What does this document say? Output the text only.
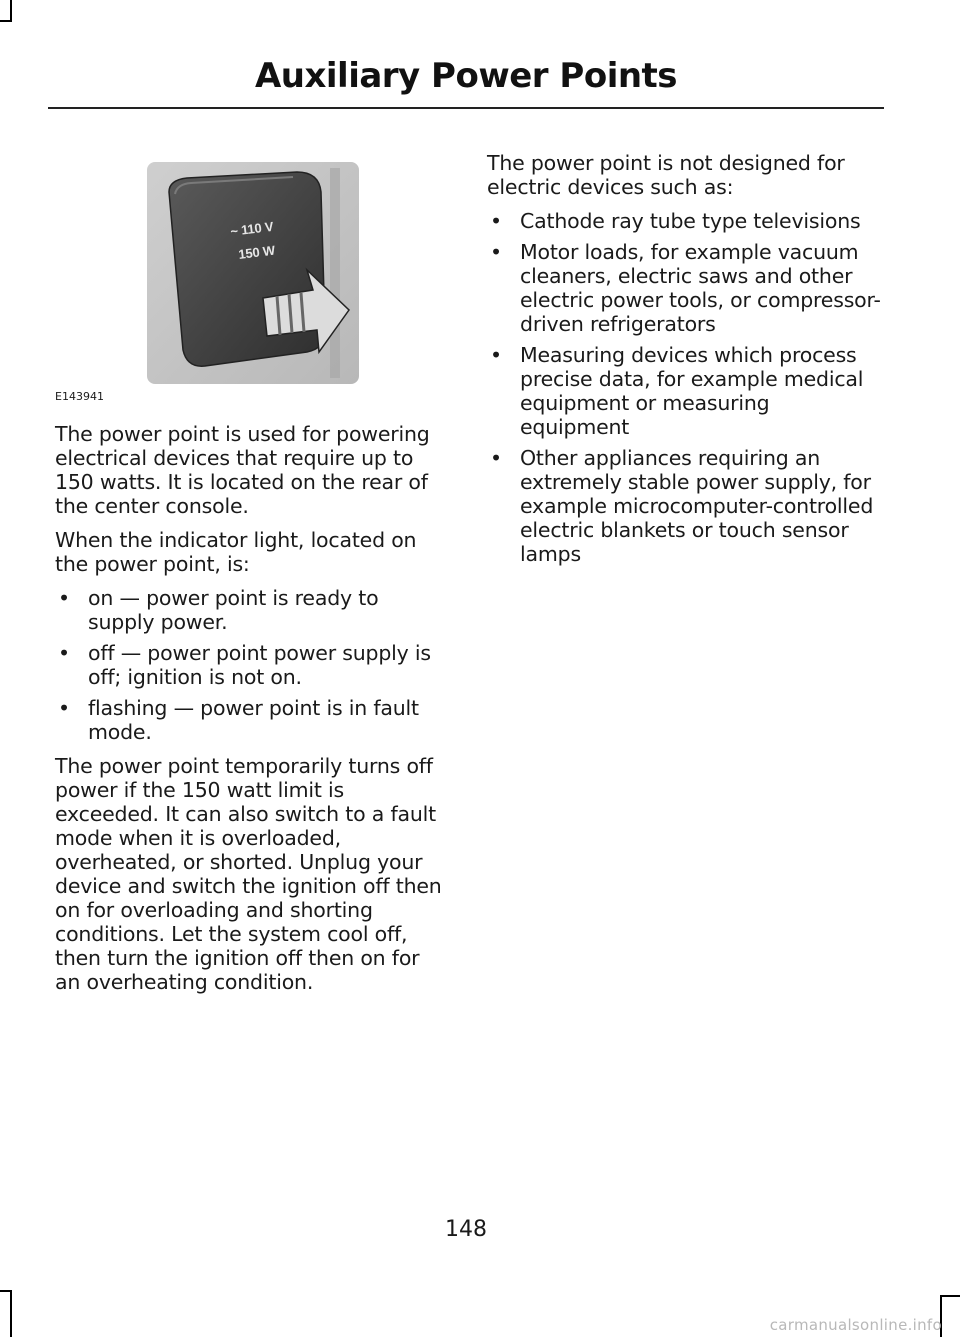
Auxiliary Power Points
~ 110 V
150 W
E143941

The power point is used for powering electrical devices that require up to 150 watts. It is located on the rear of the center console.

When the indicator light, located on the power point, is:

• on — power point is ready to supply power.
• off — power point power supply is off; ignition is not on.
• flashing — power point is in fault mode.

The power point temporarily turns off power if the 150 watt limit is exceeded. It can also switch to a fault mode when it is overloaded, overheated, or shorted. Unplug your device and switch the ignition off then on for overloading and shorting conditions. Let the system cool off, then turn the ignition off then on for an overheating condition.

The power point is not designed for electric devices such as:

• Cathode ray tube type televisions
• Motor loads, for example vacuum cleaners, electric saws and other electric power tools, or compressor-driven refrigerators
• Measuring devices which process precise data, for example medical equipment or measuring equipment
• Other appliances requiring an extremely stable power supply, for example microcomputer-controlled electric blankets or touch sensor lamps
148
carmanualsonline.info
